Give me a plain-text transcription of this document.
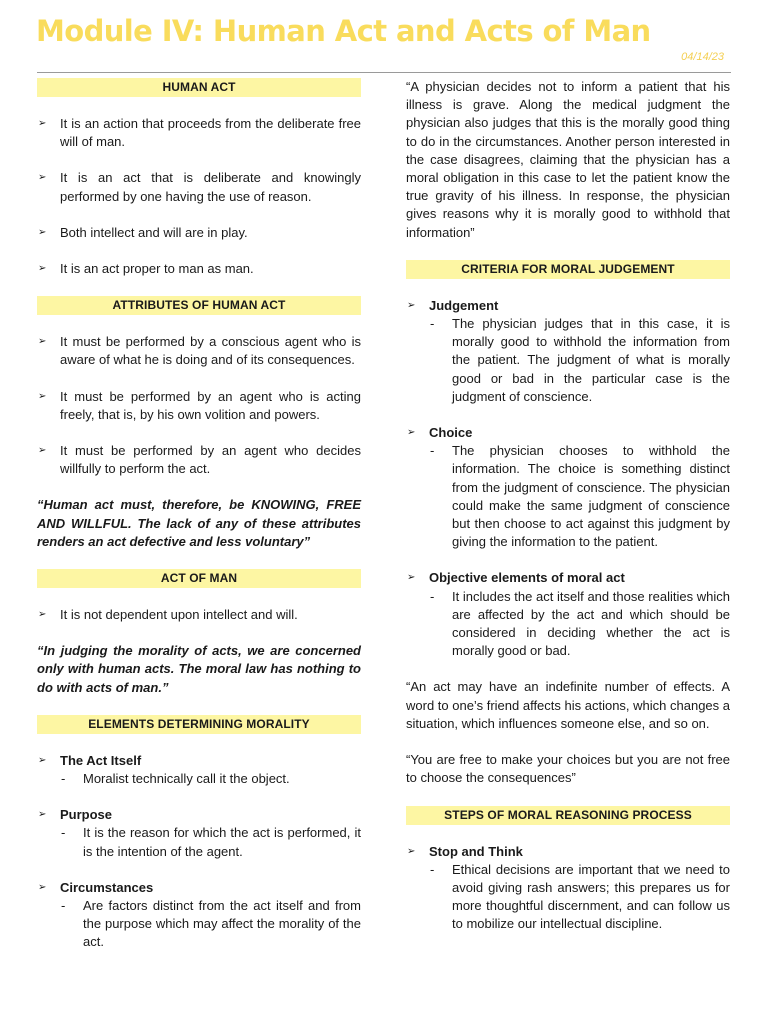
Module IV: Human Act and Acts of Man
04/14/23
HUMAN ACT
➢	It is an action that proceeds from the deliberate free will of man.
➢	It is an act that is deliberate and knowingly performed by one having the use of reason.
➢	Both intellect and will are in play.
➢	It is an act proper to man as man.
ATTRIBUTES OF HUMAN ACT
➢	It must be performed by a conscious agent who is aware of what he is doing and of its consequences.
➢	It must be performed by an agent who is acting freely, that is, by his own volition and powers.
➢	It must be performed by an agent who decides willfully to perform the act.
“Human act must, therefore, be KNOWING, FREE AND WILLFUL. The lack of any of these attributes renders an act defective and less voluntary”
ACT OF MAN
➢	It is not dependent upon intellect and will.
“In judging the morality of acts, we are concerned only with human acts. The moral law has nothing to do with acts of man.”
ELEMENTS DETERMINING MORALITY
➢	The Act Itself
-	Moralist technically call it the object.
➢	Purpose
-	It is the reason for which the act is performed, it is the intention of the agent.
➢	Circumstances
-	Are factors distinct from the act itself and from the purpose which may affect the morality of the act.
“A physician decides not to inform a patient that his illness is grave. Along the medical judgment the physician also judges that this is the morally good thing to do in the circumstances. Another person interested in the case disagrees, claiming that the physician has a moral obligation in this case to let the patient know the true gravity of his illness. In response, the physician gives reasons why it is morally good to withhold that information”
CRITERIA FOR MORAL JUDGEMENT
➢	Judgement
-	The physician judges that in this case, it is morally good to withhold the information from the patient. The judgment of what is morally good or bad in the particular case is the judgment of conscience.
➢	Choice
-	The physician chooses to withhold the information. The choice is something distinct from the judgment of conscience. The physician could make the same judgment of conscience but then choose to act against this judgment by giving the information to the patient.
➢	Objective elements of moral act
-	It includes the act itself and those realities which are affected by the act and which should be considered in deciding whether the act is morally good or bad.
“An act may have an indefinite number of effects. A word to one’s friend affects his actions, which changes a situation, which influences someone else, and so on.
“You are free to make your choices but you are not free to choose the consequences”
STEPS OF MORAL REASONING PROCESS
➢	Stop and Think
-	Ethical decisions are important that we need to avoid giving rash answers; this prepares us for more thoughtful discernment, and can follow us to mobilize our intellectual discipline.
